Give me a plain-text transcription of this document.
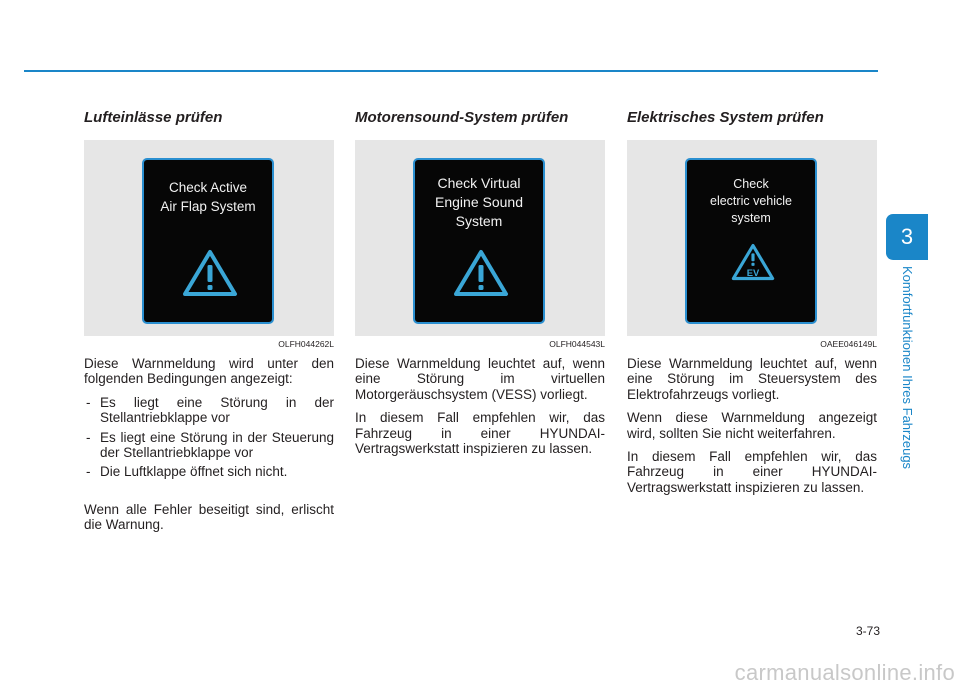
Lufteinlässe prüfen
Check Active
Air Flap System
OLFH044262L

Diese Warnmeldung wird unter den folgenden Bedingungen angezeigt:

- Es liegt eine Störung in der Stellantriebklappe vor
- Es liegt eine Störung in der Steuerung der Stellantriebklappe vor
- Die Luftklappe öffnet sich nicht.

Wenn alle Fehler beseitigt sind, erlischt die Warnung.

Motorensound-System prüfen
Check Virtual
Engine Sound
System
OLFH044543L

Diese Warnmeldung leuchtet auf, wenn eine Störung im virtuellen Motorgeräuschsystem (VESS) vorliegt.

In diesem Fall empfehlen wir, das Fahrzeug in einer HYUNDAI-Vertragswerkstatt inspizieren zu lassen.

Elektrisches System prüfen
Check
electric vehicle
system
EV
OAEE046149L

Diese Warnmeldung leuchtet auf, wenn eine Störung im Steuersystem des Elektrofahrzeugs vorliegt.

Wenn diese Warnmeldung angezeigt wird, sollten Sie nicht weiterfahren.

In diesem Fall empfehlen wir, das Fahrzeug in einer HYUNDAI-Vertragswerkstatt inspizieren zu lassen.

3
Komfortfunktionen Ihres Fahrzeugs
3-73
carmanualsonline.info
